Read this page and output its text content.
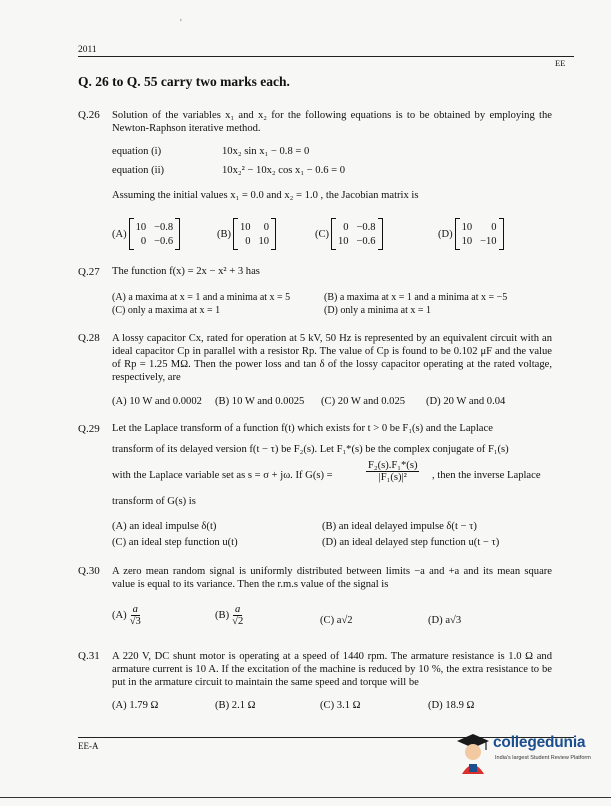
'
2011
EE
Q. 26 to Q. 55 carry two marks each.
Q.26 Solution of the variables x₁ and x₂ for the following equations is to be obtained by employing the Newton-Raphson iterative method.
equation (i)	10x₂ sin x₁ − 0.8 = 0
equation (ii)	10x₂² − 10x₂ cos x₁ − 0.6 = 0
Assuming the initial values x₁ = 0.0 and x₂ = 1.0 , the Jacobian matrix is
(A)
10 −0.8
0 −0.6
(B)
10	0
0 10
(C)
0 −0.8
10 −0.6
(D)
10	0
10 −10
Q.27 The function f(x) = 2x − x² + 3 has
(A) a maxima at x = 1 and a minima at x = 5	(B) a maxima at x = 1 and a minima at x = −5
(C) only a maxima at x = 1	(D) only a minima at x = 1
Q.28 A lossy capacitor Cx, rated for operation at 5 kV, 50 Hz is represented by an equivalent circuit with an ideal capacitor Cp in parallel with a resistor Rp. The value of Cp is found to be 0.102 μF and the value of Rp = 1.25 MΩ. Then the power loss and tan δ of the lossy capacitor operating at the rated voltage, respectively, are
(A) 10 W and 0.0002 (B) 10 W and 0.0025 (C) 20 W and 0.025 (D) 20 W and 0.04
Q.29 Let the Laplace transform of a function f(t) which exists for t > 0 be F₁(s) and the Laplace
transform of its delayed version f(t − τ) be F₂(s). Let F₁*(s) be the complex conjugate of F₁(s)
with the Laplace variable set as s = σ + jω. If G(s) =	$\frac{\text{F₂(s).F₁*(s)}}{\text{|F₁(s)|²}}$ , then the inverse Laplace
transform of G(s) is
(A) an ideal impulse δ(t)	(B) an ideal delayed impulse δ(t − τ)
(C) an ideal step function u(t)	(D) an ideal delayed step function u(t − τ)
Q.30 A zero mean random signal is uniformly distributed between limits −a and +a and its mean square value is equal to its variance. Then the r.m.s value of the signal is
$(A) \frac{a}{√3}$	$(B) \frac{a}{√2}$	(C) a√2	(D) a√3
Q.31 A 220 V, DC shunt motor is operating at a speed of 1440 rpm. The armature resistance is 1.0 Ω and armature current is 10 A. If the excitation of the machine is reduced by 10 %, the extra resistance to be put in the armature circuit to maintain the same speed and torque will be
(A) 1.79 Ω	(B) 2.1 Ω	(C) 3.1 Ω	(D) 18.9 Ω
EE-A	collegedunia
India's largest Student Review Platform
